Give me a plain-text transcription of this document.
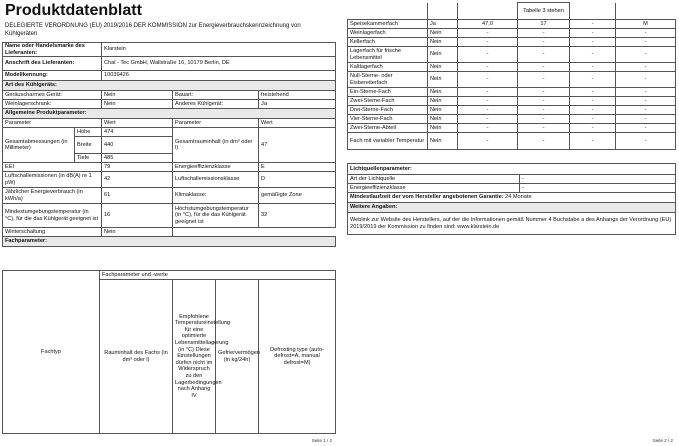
Produktdatenblatt
DELEGIERTE VERORDNUNG (EU) 2019/2016 DER KOMMISSION zur Energieverbrauchskennzeichnung von Kühlgeräten
Name oder Handelsmarke des Lieferanten:		Klarstein		
Anschrift des Lieferanten:		Chal - Tec GmbH, Wallstraße 16, 10179 Berlin, DE		
Modellkennung:		10039426		
Art des Kühlgeräts:				
Geräuscharmes Gerät:		Nein	Bauart:	freistehend
Weinlagerschrank:		Nein	Anderes Kühlgerät:	Ja
Allgemeine Produktparameter:				
Parameter		Wert	Parameter	Wert
Gesamtabmessungen (in Millimeter)	Höhe	474	Gesamtrauminhalt (in dm³ oder l)	47
	Breite	440		
	Tiefe	485		
EEI		79	Energieeffizienzklasse	E
Luftschallemissionen (in dB(A) re 1 pW)		42	Luftschallemissionsklasse	D
Jährlicher Energieverbrauch (in kWh/a)		61	Klimaklasse:	gemäßigte Zone
Mindestumgebungstemperatur (in °C), für die das Kühlgerät geeignet ist		16	Höchstumgebungstemperatur (in °C), für die das Kühlgerät geeignet ist	32
Winterschaltung		Nein		
Fachparameter:				
Fachtyp	Fachparameter und -werte			
	Rauminhalt des Fachs (in dm³ oder l)	Empfohlene Temperatureinstellung für eine optimierte Lebensmittellagerung (in °C) Diese Einstellungen dürfen nicht im Widerspruch zu den Lagerbedingungen nach Anhang IV	Gefriervermögen (in kg/24h)	Defrosting type (auto-defrost=A, manual defrost=M)
Seite 1 / 2
			Tabelle 3 stehen		
Speisekammerfach	Ja	47,0	17	-	M
Weinlagerfach	Nein	-	-	-	-
Kellerfach	Nein	-	-	-	-
Lagerfach für frische Lebensmittel	Nein	-	-	-	-
Kaltlagerfach	Nein	-	-	-	-
Null-Sterne- oder Eisbereiterfach	Nein	-	-	-	-
Ein-Sterne-Fach	Nein	-	-	-	-
Zwei-Sterne-Fach	Nein	-	-	-	-
Drei-Sterne-Fach	Nein	-	-	-	-
Vier-Sterne-Fach	Nein	-	-	-	-
Zwei-Sterne-Abteil	Nein	-	-	-	-
Fach mit variabler Temperatur	Nein	-	-	-	-
Lichtquellenparameter:	
Art der Lichtquelle	-
Energieeffizienzklasse	-
Mindestlaufzeit der vom Hersteller angebotenen Garantie: 24 Monate	
Weitere Angaben:	
Weblink zur Website des Herstellers, auf der die Informationen gemäß Nummer 4 Buchstabe a des Anhangs der Verordnung (EU) 2019/2019 der Kommission zu finden sind: www.klarstein.de	
Seite 2 / 2
